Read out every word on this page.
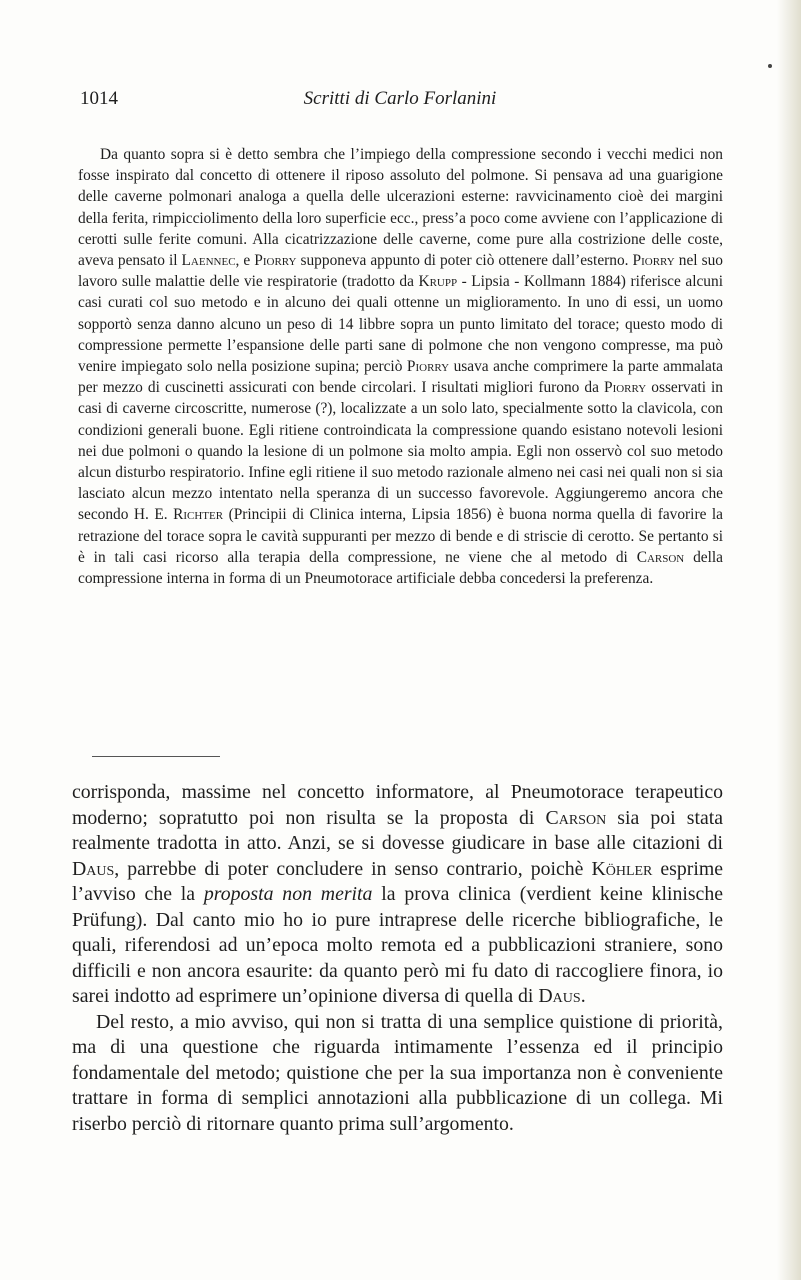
1014	Scritti di Carlo Forlanini
Da quanto sopra si è detto sembra che l’impiego della compressione secondo i vecchi medici non fosse inspirato dal concetto di ottenere il riposo assoluto del polmone. Si pensava ad una guarigione delle caverne polmonari analoga a quella delle ulcerazioni esterne: ravvicinamento cioè dei margini della ferita, rimpicciolimento della loro superficie ecc., press’a poco come avviene con l’applicazione di cerotti sulle ferite comuni. Alla cicatrizzazione delle caverne, come pure alla costrizione delle coste, aveva pensato il Laennec, e Piorry supponeva appunto di poter ciò ottenere dall’esterno. Piorry nel suo lavoro sulle malattie delle vie respiratorie (tradotto da Krupp - Lipsia - Kollmann 1884) riferisce alcuni casi curati col suo metodo e in alcuno dei quali ottenne un miglioramento. In uno di essi, un uomo sopportò senza danno alcuno un peso di 14 libbre sopra un punto limitato del torace; questo modo di compressione permette l’espansione delle parti sane di polmone che non vengono compresse, ma può venire impiegato solo nella posizione supina; perciò Piorry usava anche comprimere la parte ammalata per mezzo di cuscinetti assicurati con bende circolari. I risultati migliori furono da Piorry osservati in casi di caverne circoscritte, numerose (?), localizzate a un solo lato, specialmente sotto la clavicola, con condizioni generali buone. Egli ritiene controindicata la compressione quando esistano notevoli lesioni nei due polmoni o quando la lesione di un polmone sia molto ampia. Egli non osservò col suo metodo alcun disturbo respiratorio. Infine egli ritiene il suo metodo razionale almeno nei casi nei quali non si sia lasciato alcun mezzo intentato nella speranza di un successo favorevole. Aggiungeremo ancora che secondo H. E. Richter (Principii di Clinica interna, Lipsia 1856) è buona norma quella di favorire la retrazione del torace sopra le cavità suppuranti per mezzo di bende e di striscie di cerotto. Se pertanto si è in tali casi ricorso alla terapia della compressione, ne viene che al metodo di Carson della compressione interna in forma di un Pneumotorace artificiale debba concedersi la preferenza.

corrisponda, massime nel concetto informatore, al Pneumotorace terapeutico moderno; sopratutto poi non risulta se la proposta di Carson sia poi stata realmente tradotta in atto. Anzi, se si dovesse giudicare in base alle citazioni di Daus, parrebbe di poter concludere in senso contrario, poichè Köhler esprime l’avviso che la proposta non merita la prova clinica (verdient keine klinische Prüfung). Dal canto mio ho io pure intraprese delle ricerche bibliografiche, le quali, riferendosi ad un’epoca molto remota ed a pubblicazioni straniere, sono difficili e non ancora esaurite: da quanto però mi fu dato di raccogliere finora, io sarei indotto ad esprimere un’opinione diversa di quella di Daus.

Del resto, a mio avviso, qui non si tratta di una semplice quistione di priorità, ma di una questione che riguarda intimamente l’essenza ed il principio fondamentale del metodo; quistione che per la sua importanza non è conveniente trattare in forma di semplici annotazioni alla pubblicazione di un collega. Mi riserbo perciò di ritornare quanto prima sull’argomento.
